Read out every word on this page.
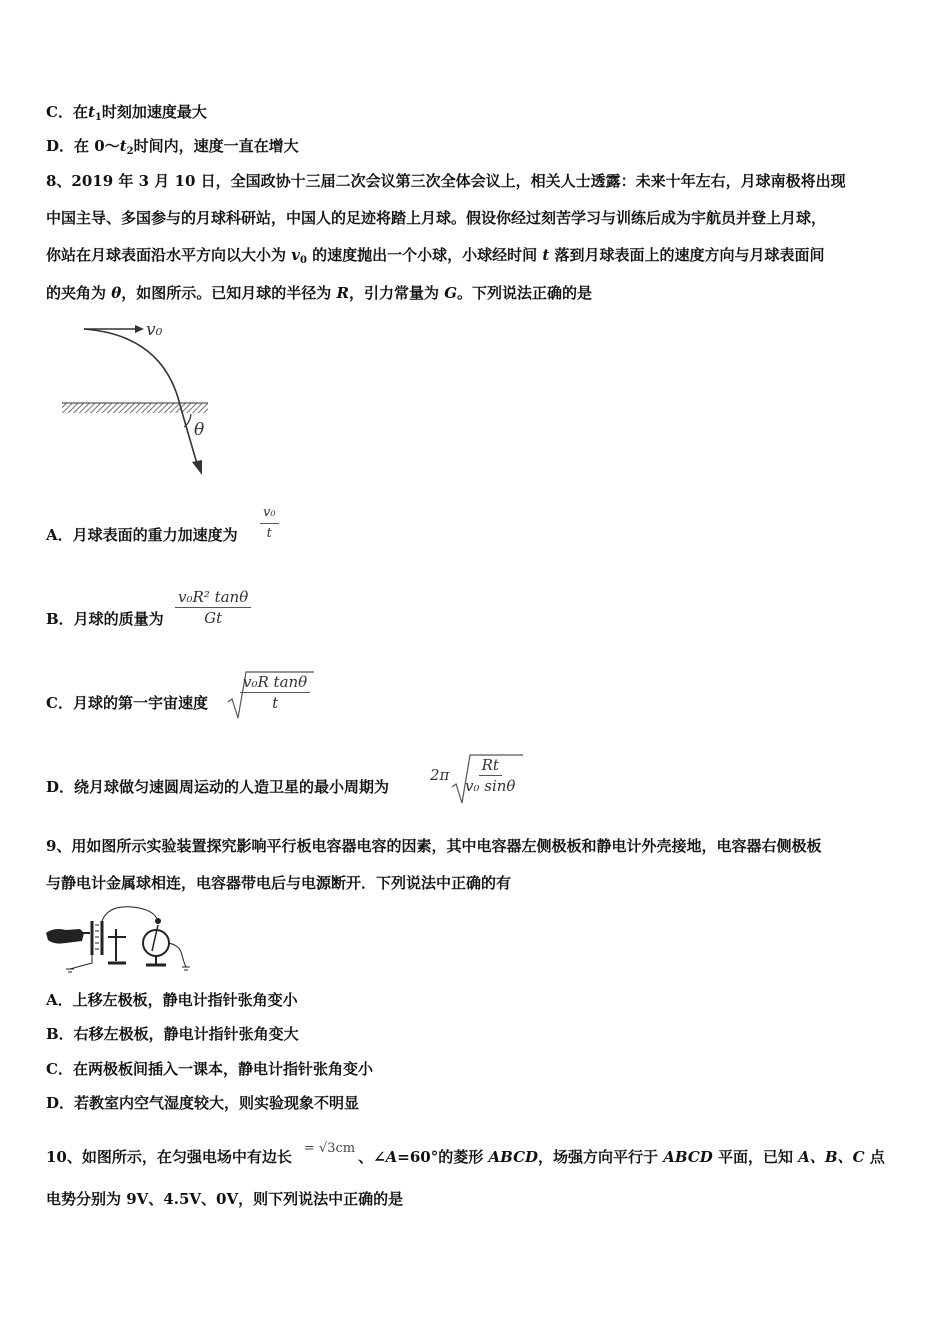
C．在$t_1$时刻加速度最大
D．在 $0\sim t_2$时间内，速度一直在增大
8、2019 年 3 月 10 日，全国政协十三届二次会议第三次全体会议上，相关人士透露：未来十年左右，月球南极将出现
中国主导、多国参与的月球科研站，中国人的足迹将踏上月球。假设你经过刻苦学习与训练后成为宇航员并登上月球，
你站在月球表面沿水平方向以大小为 $v_0$ 的速度抛出一个小球，小球经时间 t 落到月球表面上的速度方向与月球表面间
的夹角为 θ，如图所示。已知月球的半径为 R，引力常量为 G。下列说法正确的是
v₀
θ
A．月球表面的重力加速度为 $\frac{\text{v₀}}{t}$
B．月球的质量为 $\frac{\text{v₀R² tanθ}}{Gt}$
C．月球的第一宇宙速度 $\frac{\text{v₀R tanθ}}{t}$
D．绕月球做匀速圆周运动的人造卫星的最小周期为
$2\pi \frac{Rt}{\text{v₀ sinθ}}$
9、用如图所示实验装置探究影响平行板电容器电容的因素，其中电容器左侧极板和静电计外壳接地，电容器右侧极板
与静电计金属球相连，电容器带电后与电源断开．下列说法中正确的有
A．上移左极板，静电计指针张角变小
B．右移左极板，静电计指针张角变大
C．在两极板间插入一课本，静电计指针张角变小
D．若教室内空气湿度较大，则实验现象不明显
10、如图所示，在匀强电场中有边长 = √3cm 、∠A=60°的菱形 ABCD，场强方向平行于 ABCD 平面，已知 A、B、C 点
电势分别为 9V、4.5V、0V，则下列说法中正确的是
